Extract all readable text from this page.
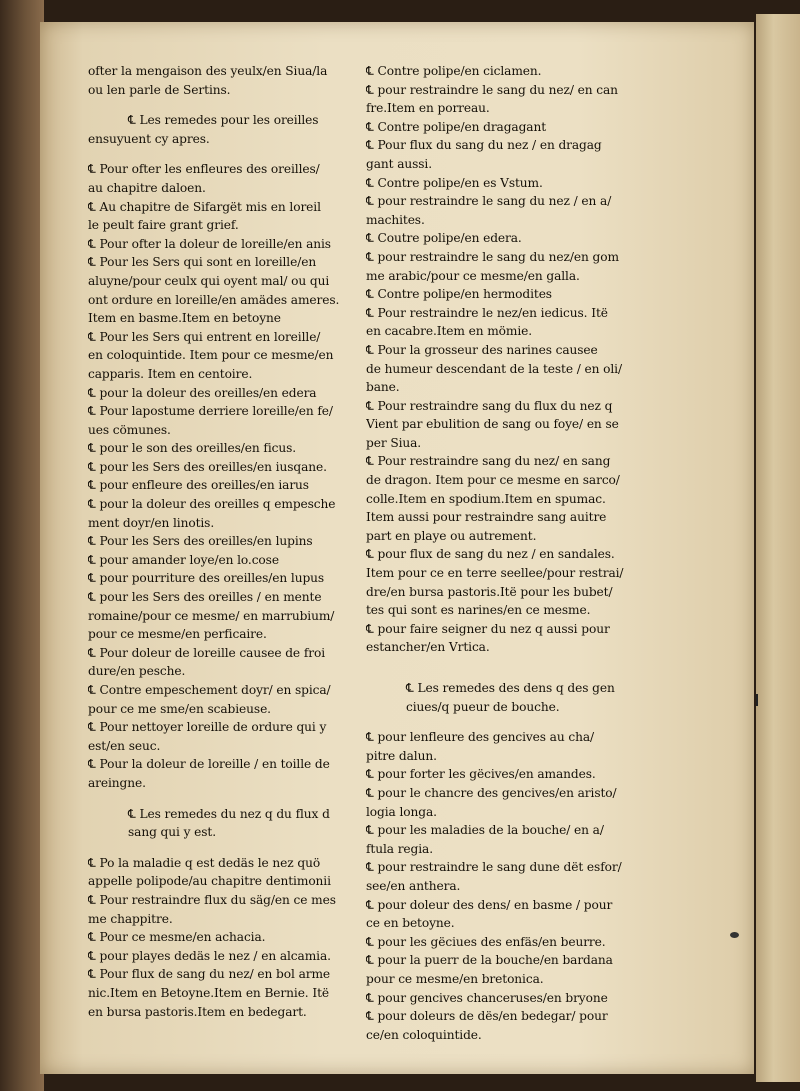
ofter la mengaison des yeulx/en Siua/la
ou len parle de Sertins.
℄ Les remedes pour les oreilles
ensuyuent cy apres.
℄ Pour ofter les enfleures des oreilles/
au chapitre daloen.
℄ Au chapitre de Sifargët mis en loreil
le peult faire grant grief.
℄ Pour ofter la doleur de loreille/en anis
℄ Pour les Sers qui sont en loreille/en
aluyne/pour ceulx qui oyent mal/ ou qui
ont ordure en loreille/en amädes ameres.
Item en basme.Item en betoyne
℄ Pour les Sers qui entrent en loreille/
en coloquintide. Item pour ce mesme/en
capparis. Item en centoire.
℄ pour la doleur des oreilles/en edera
℄ Pour lapostume derriere loreille/en fe/
ues cömunes.
℄ pour le son des oreilles/en ficus.
℄ pour les Sers des oreilles/en iusqane.
℄ pour enfleure des oreilles/en iarus
℄ pour la doleur des oreilles q empesche
ment doyr/en linotis.
℄ Pour les Sers des oreilles/en lupins
℄ pour amander loye/en lo.cose
℄ pour pourriture des oreilles/en lupus
℄ pour les Sers des oreilles / en mente
romaine/pour ce mesme/ en marrubium/
pour ce mesme/en perficaire.
℄ Pour doleur de loreille causee de froi
dure/en pesche.
℄ Contre empeschement doyr/ en spica/
pour ce me sme/en scabieuse.
℄ Pour nettoyer loreille de ordure qui y
est/en seuc.
℄ Pour la doleur de loreille / en toille de
areingne.
℄ Les remedes du nez q du flux d
sang qui y est.
℄ Po la maladie q est dedäs le nez quö
appelle polipode/au chapitre dentimonii
℄ Pour restraindre flux du säg/en ce mes
me chappitre.
℄ Pour ce mesme/en achacia.
℄ pour playes dedäs le nez / en alcamia.
℄ Pour flux de sang du nez/ en bol arme
nic.Item en Betoyne.Item en Bernie. Itë
en bursa pastoris.Item en bedegart.
℄ Contre polipe/en ciclamen.
℄ pour restraindre le sang du nez/ en can
fre.Item en porreau.
℄ Contre polipe/en dragagant
℄ Pour flux du sang du nez / en dragag
gant aussi.
℄ Contre polipe/en es Vstum.
℄ pour restraindre le sang du nez / en a/
machites.
℄ Coutre polipe/en edera.
℄ pour restraindre le sang du nez/en gom
me arabic/pour ce mesme/en galla.
℄ Contre polipe/en hermodites
℄ Pour restraindre le nez/en iedicus. Itë
en cacabre.Item en mömie.
℄ Pour la grosseur des narines causee
de humeur descendant de la teste / en oli/
bane.
℄ Pour restraindre sang du flux du nez q
Vient par ebulition de sang ou foye/ en se
per Siua.
℄ Pour restraindre sang du nez/ en sang
de dragon. Item pour ce mesme en sarco/
colle.Item en spodium.Item en spumac.
Item aussi pour restraindre sang auitre
part en playe ou autrement.
℄ pour flux de sang du nez / en sandales.
Item pour ce en terre seellee/pour restrai/
dre/en bursa pastoris.Itë pour les bubet/
tes qui sont es narines/en ce mesme.
℄ pour faire seigner du nez q aussi pour
estancher/en Vrtica.
℄ Les remedes des dens q des gen
ciues/q pueur de bouche.
℄ pour lenfleure des gencives au cha/
pitre dalun.
℄ pour forter les gëcives/en amandes.
℄ pour le chancre des gencives/en aristo/
logia longa.
℄ pour les maladies de la bouche/ en a/
ftula regia.
℄ pour restraindre le sang dune dët esfor/
see/en anthera.
℄ pour doleur des dens/ en basme / pour
ce en betoyne.
℄ pour les gëciues des enfäs/en beurre.
℄ pour la puerr de la bouche/en bardana
pour ce mesme/en bretonica.
℄ pour gencives chanceruses/en bryone
℄ pour doleurs de dës/en bedegar/ pour
ce/en coloquintide.
